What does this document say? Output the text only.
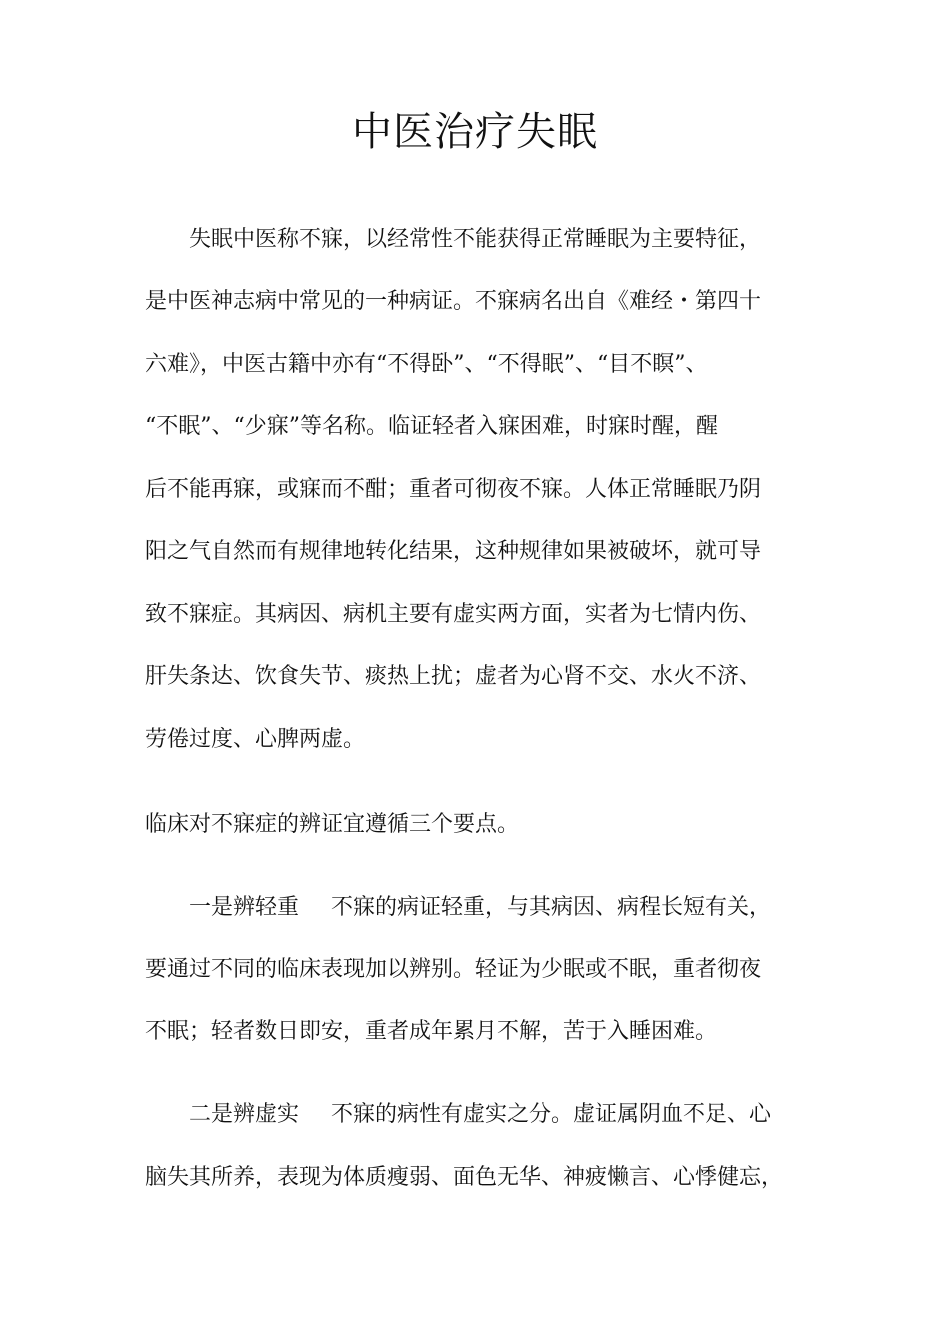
中医治疗失眠
失眠中医称不寐，以经常性不能获得正常睡眠为主要特征，
是中医神志病中常见的一种病证。不寐病名出自《难经・第四十
六难》，中医古籍中亦有“不得卧”、“不得眠”、“目不瞑”、
“不眠”、“少寐”等名称。临证轻者入寐困难，时寐时醒，醒
后不能再寐，或寐而不酣；重者可彻夜不寐。人体正常睡眠乃阴
阳之气自然而有规律地转化结果，这种规律如果被破坏，就可导
致不寐症。其病因、病机主要有虚实两方面，实者为七情内伤、
肝失条达、饮食失节、痰热上扰；虚者为心肾不交、水火不济、
劳倦过度、心脾两虚。
临床对不寐症的辨证宜遵循三个要点。
一是辨轻重 不寐的病证轻重，与其病因、病程长短有关，
要通过不同的临床表现加以辨别。轻证为少眠或不眠，重者彻夜
不眠；轻者数日即安，重者成年累月不解，苦于入睡困难。
二是辨虚实 不寐的病性有虚实之分。虚证属阴血不足、心
脑失其所养，表现为体质瘦弱、面色无华、神疲懒言、心悸健忘，
